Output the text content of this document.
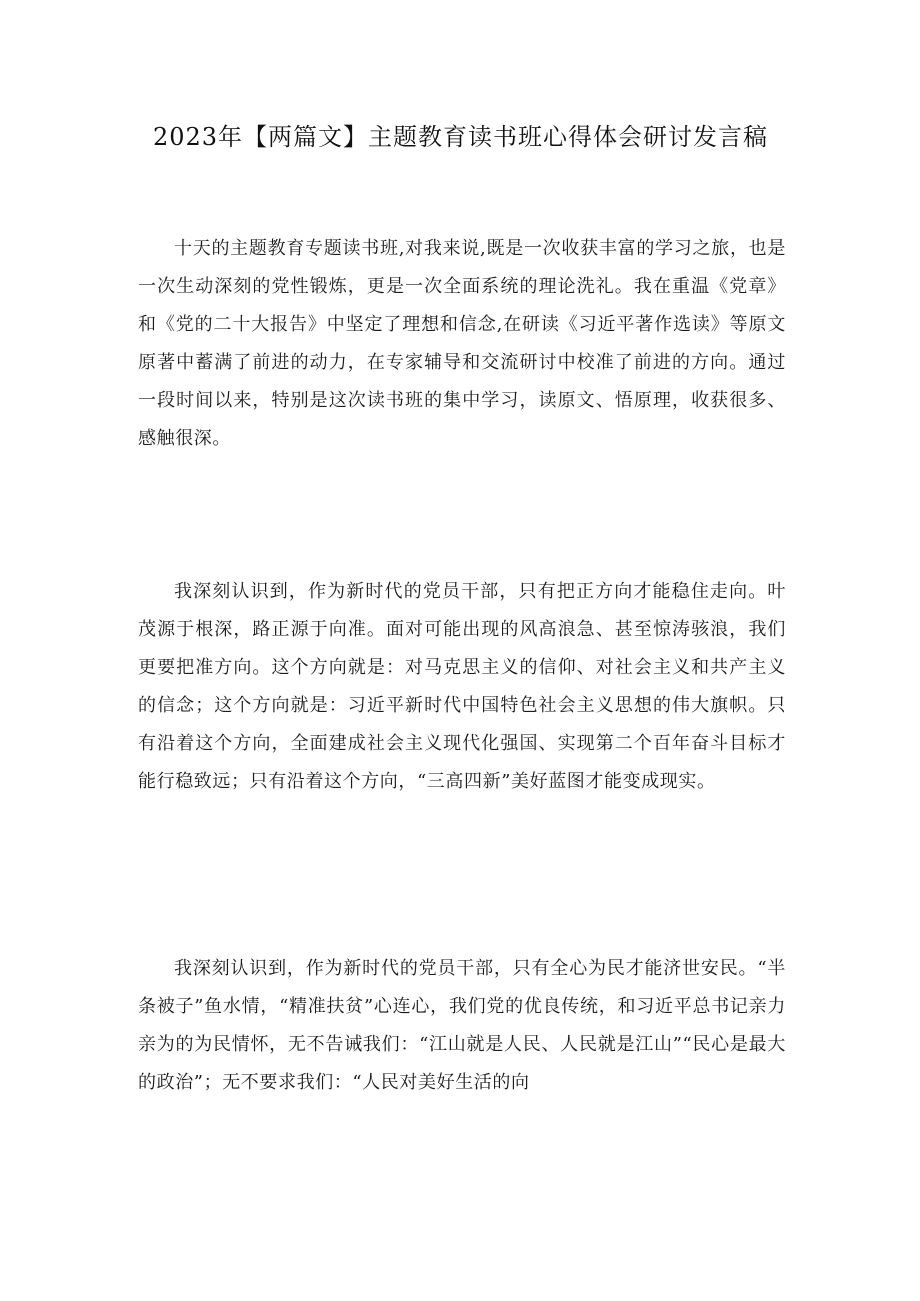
2023年【两篇文】主题教育读书班心得体会研讨发言稿

十天的主题教育专题读书班,对我来说,既是一次收获丰富的学习之旅，也是一次生动深刻的党性锻炼，更是一次全面系统的理论洗礼。我在重温《党章》和《党的二十大报告》中坚定了理想和信念,在研读《习近平著作选读》等原文原著中蓄满了前进的动力，在专家辅导和交流研讨中校准了前进的方向。通过一段时间以来，特别是这次读书班的集中学习，读原文、悟原理，收获很多、感触很深。

我深刻认识到，作为新时代的党员干部，只有把正方向才能稳住走向。叶茂源于根深，路正源于向准。面对可能出现的风高浪急、甚至惊涛骇浪，我们更要把准方向。这个方向就是：对马克思主义的信仰、对社会主义和共产主义的信念；这个方向就是：习近平新时代中国特色社会主义思想的伟大旗帜。只有沿着这个方向，全面建成社会主义现代化强国、实现第二个百年奋斗目标才能行稳致远；只有沿着这个方向，“三高四新”美好蓝图才能变成现实。

我深刻认识到，作为新时代的党员干部，只有全心为民才能济世安民。“半条被子”鱼水情，“精准扶贫”心连心，我们党的优良传统，和习近平总书记亲力亲为的为民情怀，无不告诫我们：“江山就是人民、人民就是江山”“民心是最大的政治”；无不要求我们：“人民对美好生活的向
